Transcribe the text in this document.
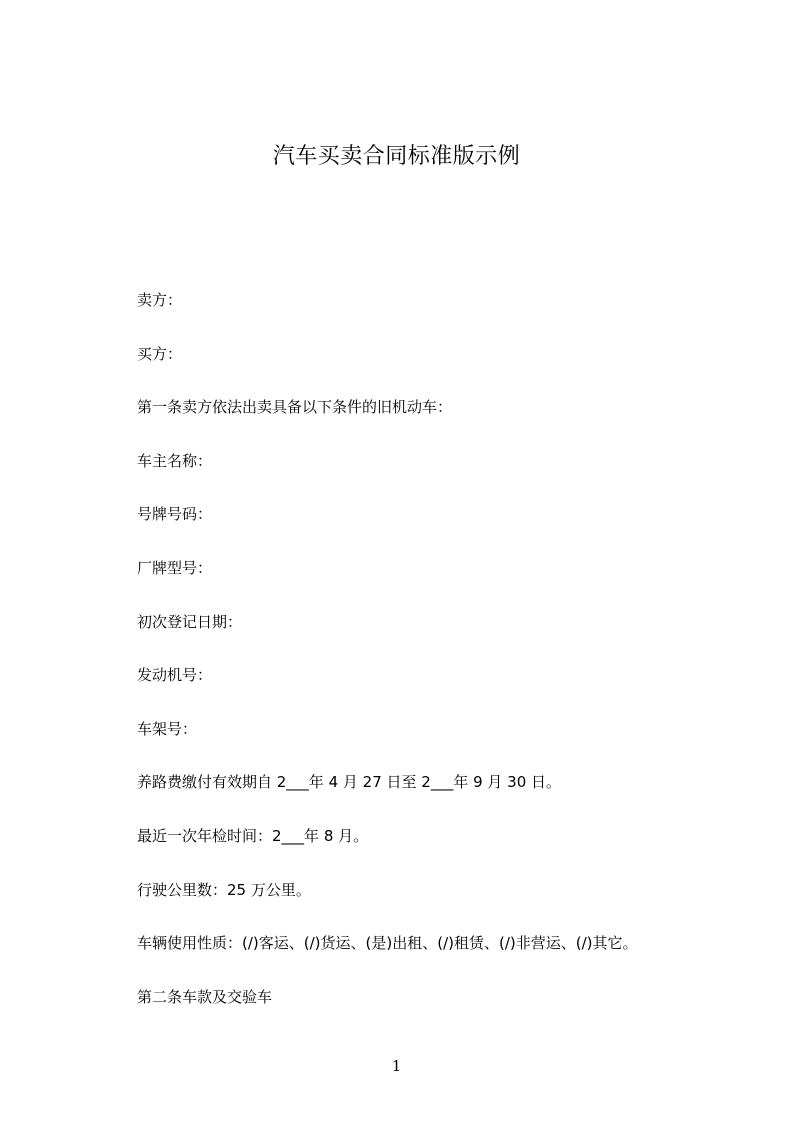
汽车买卖合同标准版示例
卖方：
买方：
第一条卖方依法出卖具备以下条件的旧机动车：
车主名称：
号牌号码：
厂牌型号：
初次登记日期：
发动机号：
车架号：
养路费缴付有效期自 2___年 4 月 27 日至 2___年 9 月 30 日。
最近一次年检时间：2___年 8 月。
行驶公里数：25 万公里。
车辆使用性质：(/)客运、(/)货运、(是)出租、(/)租赁、(/)非营运、(/)其它。
第二条车款及交验车
1
